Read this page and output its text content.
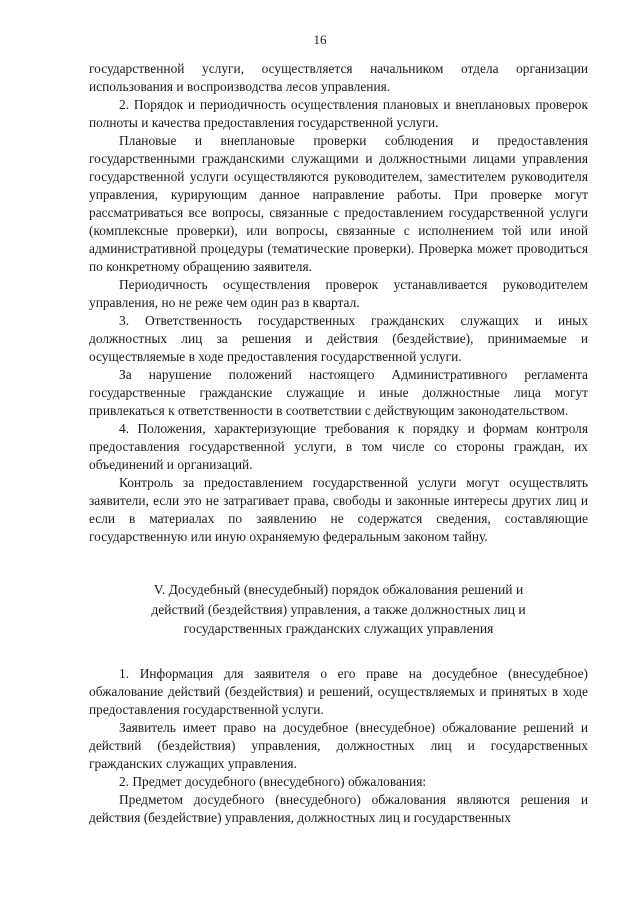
16

государственной услуги, осуществляется начальником отдела организации использования и воспроизводства лесов управления.

2. Порядок и периодичность осуществления плановых и внеплановых проверок полноты и качества предоставления государственной услуги.

Плановые и внеплановые проверки соблюдения и предоставления государственными гражданскими служащими и должностными лицами управления государственной услуги осуществляются руководителем, заместителем руководителя управления, курирующим данное направление работы. При проверке могут рассматриваться все вопросы, связанные с предоставлением государственной услуги (комплексные проверки), или вопросы, связанные с исполнением той или иной административной процедуры (тематические проверки). Проверка может проводиться по конкретному обращению заявителя.

Периодичность осуществления проверок устанавливается руководителем управления, но не реже чем один раз в квартал.

3. Ответственность государственных гражданских служащих и иных должностных лиц за решения и действия (бездействие), принимаемые и осуществляемые в ходе предоставления государственной услуги.

За нарушение положений настоящего Административного регламента государственные гражданские служащие и иные должностные лица могут привлекаться к ответственности в соответствии с действующим законодательством.

4. Положения, характеризующие требования к порядку и формам контроля предоставления государственной услуги, в том числе со стороны граждан, их объединений и организаций.

Контроль за предоставлением государственной услуги могут осуществлять заявители, если это не затрагивает права, свободы и законные интересы других лиц и если в материалах по заявлению не содержатся сведения, составляющие государственную или иную охраняемую федеральным законом тайну.

V. Досудебный (внесудебный) порядок обжалования решений и
действий (бездействия) управления, а также должностных лиц и
государственных гражданских служащих управления

1. Информация для заявителя о его праве на досудебное (внесудебное) обжалование действий (бездействия) и решений, осуществляемых и принятых в ходе предоставления государственной услуги.

Заявитель имеет право на досудебное (внесудебное) обжалование решений и действий (бездействия) управления, должностных лиц и государственных гражданских служащих управления.

2. Предмет досудебного (внесудебного) обжалования:

Предметом досудебного (внесудебного) обжалования являются решения и действия (бездействие) управления, должностных лиц и государственных
